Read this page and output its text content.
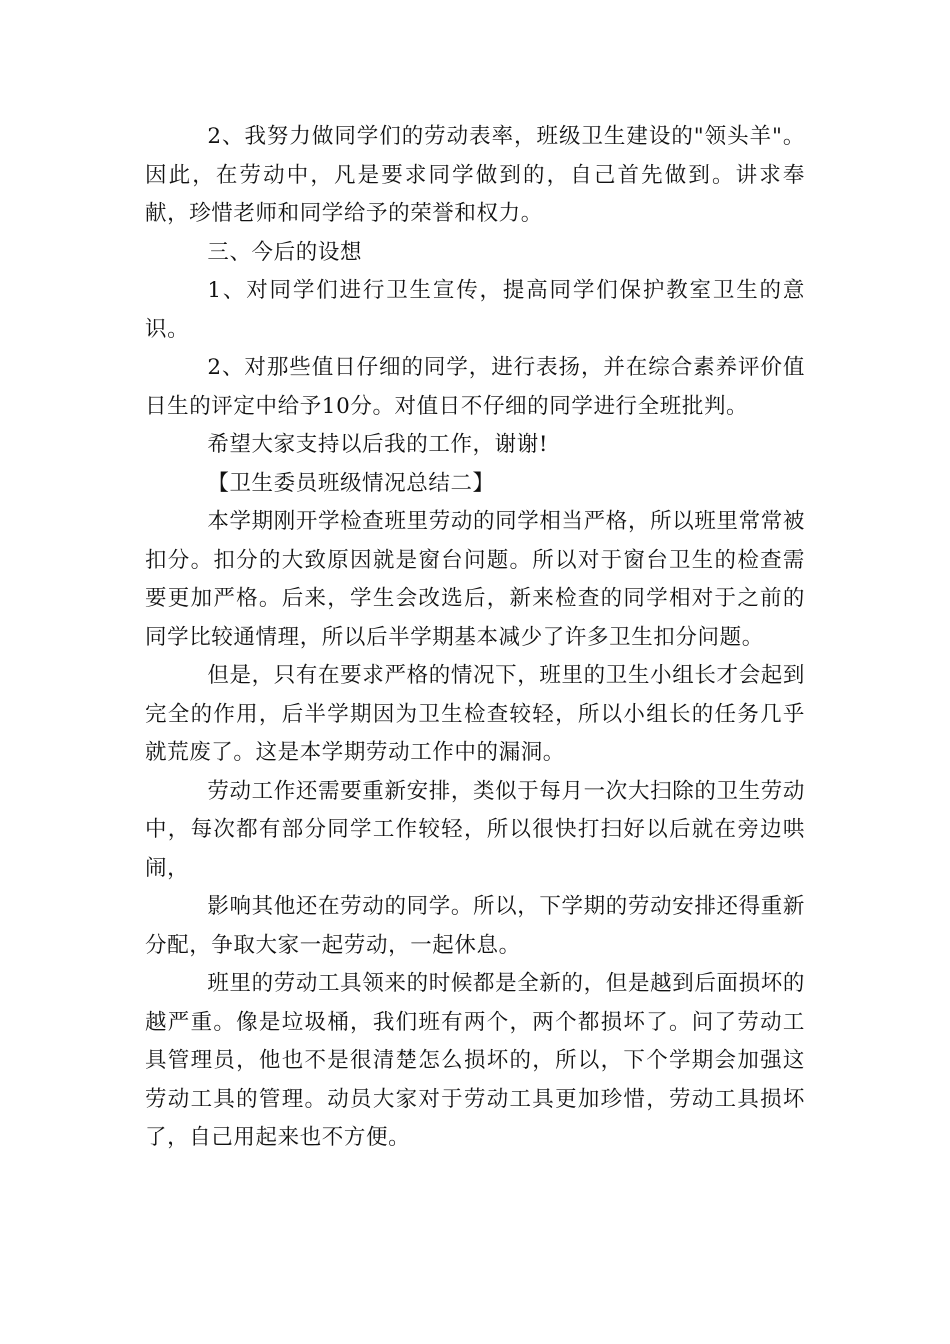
2、我努力做同学们的劳动表率，班级卫生建设的"领头羊"。因此，在劳动中，凡是要求同学做到的，自己首先做到。讲求奉献，珍惜老师和同学给予的荣誉和权力。

三、今后的设想

1、对同学们进行卫生宣传，提高同学们保护教室卫生的意识。

2、对那些值日仔细的同学，进行表扬，并在综合素养评价值日生的评定中给予10分。对值日不仔细的同学进行全班批判。

希望大家支持以后我的工作，谢谢!

【卫生委员班级情况总结二】

本学期刚开学检查班里劳动的同学相当严格，所以班里常常被扣分。扣分的大致原因就是窗台问题。所以对于窗台卫生的检查需要更加严格。后来，学生会改选后，新来检查的同学相对于之前的同学比较通情理，所以后半学期基本减少了许多卫生扣分问题。

但是，只有在要求严格的情况下，班里的卫生小组长才会起到完全的作用，后半学期因为卫生检查较轻，所以小组长的任务几乎就荒废了。这是本学期劳动工作中的漏洞。

劳动工作还需要重新安排，类似于每月一次大扫除的卫生劳动中，每次都有部分同学工作较轻，所以很快打扫好以后就在旁边哄闹，

影响其他还在劳动的同学。所以，下学期的劳动安排还得重新分配，争取大家一起劳动，一起休息。

班里的劳动工具领来的时候都是全新的，但是越到后面损坏的越严重。像是垃圾桶，我们班有两个，两个都损坏了。问了劳动工具管理员，他也不是很清楚怎么损坏的，所以，下个学期会加强这劳动工具的管理。动员大家对于劳动工具更加珍惜，劳动工具损坏了，自己用起来也不方便。
